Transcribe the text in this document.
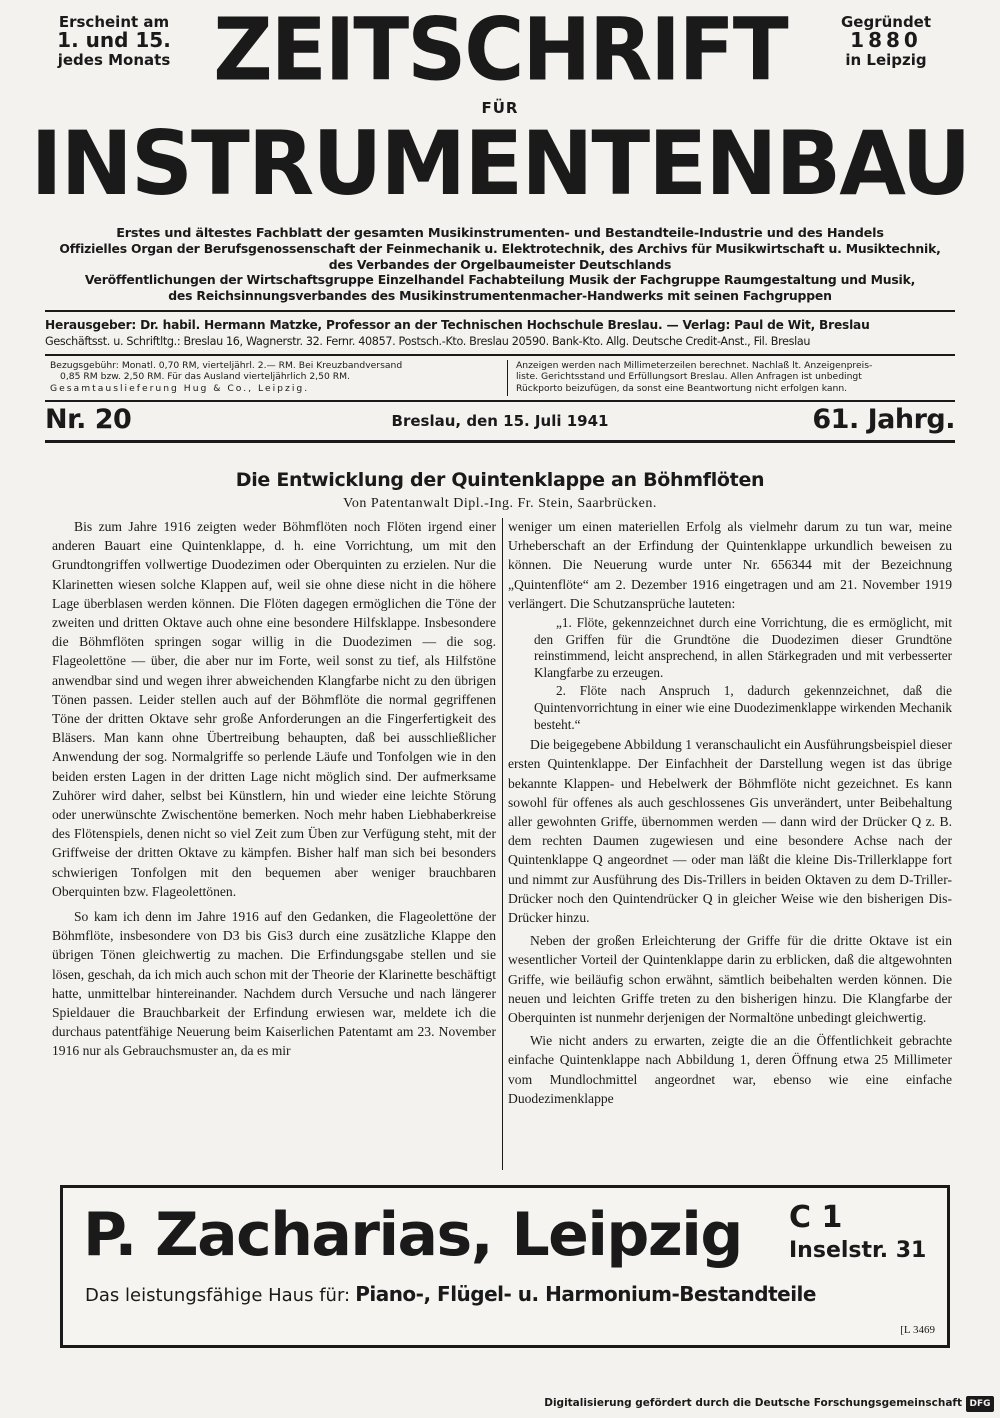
Erscheint am
1. und 15.
jedes Monats
Gegründet
1880
in Leipzig
ZEITSCHRIFT
FÜR
INSTRUMENTENBAU
Erstes und ältestes Fachblatt der gesamten Musikinstrumenten- und Bestandteile-Industrie und des Handels
Offizielles Organ der Berufsgenossenschaft der Feinmechanik u. Elektrotechnik, des Archivs für Musikwirtschaft u. Musiktechnik,
des Verbandes der Orgelbaumeister Deutschlands
Veröffentlichungen der Wirtschaftsgruppe Einzelhandel Fachabteilung Musik der Fachgruppe Raumgestaltung und Musik,
des Reichsinnungsverbandes des Musikinstrumentenmacher-Handwerks mit seinen Fachgruppen
Herausgeber: Dr. habil. Hermann Matzke, Professor an der Technischen Hochschule Breslau. — Verlag: Paul de Wit, Breslau
Geschäftsst. u. Schriftltg.: Breslau 16, Wagnerstr. 32. Fernr. 40857. Postsch.-Kto. Breslau 20590. Bank-Kto. Allg. Deutsche Credit-Anst., Fil. Breslau
Bezugsgebühr: Monatl. 0,70 RM, vierteljährl. 2.— RM. Bei Kreuzbandversand
0,85 RM bzw. 2,50 RM. Für das Ausland vierteljährlich 2,50 RM.
Gesamtauslieferung Hug & Co., Leipzig.
Anzeigen werden nach Millimeterzeilen berechnet. Nachlaß lt. Anzeigenpreis-
liste. Gerichtsstand und Erfüllungsort Breslau. Allen Anfragen ist unbedingt
Rückporto beizufügen, da sonst eine Beantwortung nicht erfolgen kann.
Nr. 20	Breslau, den 15. Juli 1941	61. Jahrg.
Die Entwicklung der Quintenklappe an Böhmflöten
Von Patentanwalt Dipl.-Ing. Fr. Stein, Saarbrücken.

Bis zum Jahre 1916 zeigten weder Böhmflöten noch Flöten irgend einer anderen Bauart eine Quintenklappe, d. h. eine Vorrichtung, um mit den Grundtongriffen vollwertige Duodezimen oder Oberquinten zu erzielen. Nur die Klarinetten wiesen solche Klappen auf, weil sie ohne diese nicht in die höhere Lage überblasen werden können. Die Flöten dagegen ermöglichen die Töne der zweiten und dritten Oktave auch ohne eine besondere Hilfsklappe. Insbesondere die Böhmflöten springen sogar willig in die Duodezimen — die sog. Flageolettöne — über, die aber nur im Forte, weil sonst zu tief, als Hilfstöne anwendbar sind und wegen ihrer abweichenden Klangfarbe nicht zu den übrigen Tönen passen. Leider stellen auch auf der Böhmflöte die normal gegriffenen Töne der dritten Oktave sehr große Anforderungen an die Fingerfertigkeit des Bläsers. Man kann ohne Übertreibung behaupten, daß bei ausschließlicher Anwendung der sog. Normalgriffe so perlende Läufe und Tonfolgen wie in den beiden ersten Lagen in der dritten Lage nicht möglich sind. Der aufmerksame Zuhörer wird daher, selbst bei Künstlern, hin und wieder eine leichte Störung oder unerwünschte Zwischentöne bemerken. Noch mehr haben Liebhaberkreise des Flötenspiels, denen nicht so viel Zeit zum Üben zur Verfügung steht, mit der Griffweise der dritten Oktave zu kämpfen. Bisher half man sich bei besonders schwierigen Tonfolgen mit den bequemen aber weniger brauchbaren Oberquinten bzw. Flageolettönen.

So kam ich denn im Jahre 1916 auf den Gedanken, die Flageolettöne der Böhmflöte, insbesondere von D3 bis Gis3 durch eine zusätzliche Klappe den übrigen Tönen gleichwertig zu machen. Die Erfindungsgabe stellen und sie lösen, geschah, da ich mich auch schon mit der Theorie der Klarinette beschäftigt hatte, unmittelbar hintereinander. Nachdem durch Versuche und nach längerer Spieldauer die Brauchbarkeit der Erfindung erwiesen war, meldete ich die durchaus patentfähige Neuerung beim Kaiserlichen Patentamt am 23. November 1916 nur als Gebrauchsmuster an, da es mir

weniger um einen materiellen Erfolg als vielmehr darum zu tun war, meine Urheberschaft an der Erfindung der Quintenklappe urkundlich beweisen zu können. Die Neuerung wurde unter Nr. 656344 mit der Bezeichnung „Quintenflöte“ am 2. Dezember 1916 eingetragen und am 21. November 1919 verlängert. Die Schutzansprüche lauteten:

„1. Flöte, gekennzeichnet durch eine Vorrichtung, die es ermöglicht, mit den Griffen für die Grundtöne die Duodezimen dieser Grundtöne reinstimmend, leicht ansprechend, in allen Stärkegraden und mit verbesserter Klangfarbe zu erzeugen.

2. Flöte nach Anspruch 1, dadurch gekennzeichnet, daß die Quintenvorrichtung in einer wie eine Duodezimenklappe wirkenden Mechanik besteht.“

Die beigegebene Abbildung 1 veranschaulicht ein Ausführungsbeispiel dieser ersten Quintenklappe. Der Einfachheit der Darstellung wegen ist das übrige bekannte Klappen- und Hebelwerk der Böhmflöte nicht gezeichnet. Es kann sowohl für offenes als auch geschlossenes Gis unverändert, unter Beibehaltung aller gewohnten Griffe, übernommen werden — dann wird der Drücker Q z. B. dem rechten Daumen zugewiesen und eine besondere Achse nach der Quintenklappe Q angeordnet — oder man läßt die kleine Dis-Trillerklappe fort und nimmt zur Ausführung des Dis-Trillers in beiden Oktaven zu dem D-Triller-Drücker noch den Quintendrücker Q in gleicher Weise wie den bisherigen Dis-Drücker hinzu.

Neben der großen Erleichterung der Griffe für die dritte Oktave ist ein wesentlicher Vorteil der Quintenklappe darin zu erblicken, daß die altgewohnten Griffe, wie beiläufig schon erwähnt, sämtlich beibehalten werden können. Die neuen und leichten Griffe treten zu den bisherigen hinzu. Die Klangfarbe der Oberquinten ist nunmehr derjenigen der Normaltöne unbedingt gleichwertig.

Wie nicht anders zu erwarten, zeigte die an die Öffentlichkeit gebrachte einfache Quintenklappe nach Abbildung 1, deren Öffnung etwa 25 Millimeter vom Mundlochmittel angeordnet war, ebenso wie eine einfache Duodezimenklappe

P. Zacharias, Leipzig C 1
Inselstr. 31
Das leistungsfähige Haus für: Piano-, Flügel- u. Harmonium-Bestandteile
[L 3469
Digitalisierung gefördert durch die Deutsche Forschungsgemeinschaft DFG
